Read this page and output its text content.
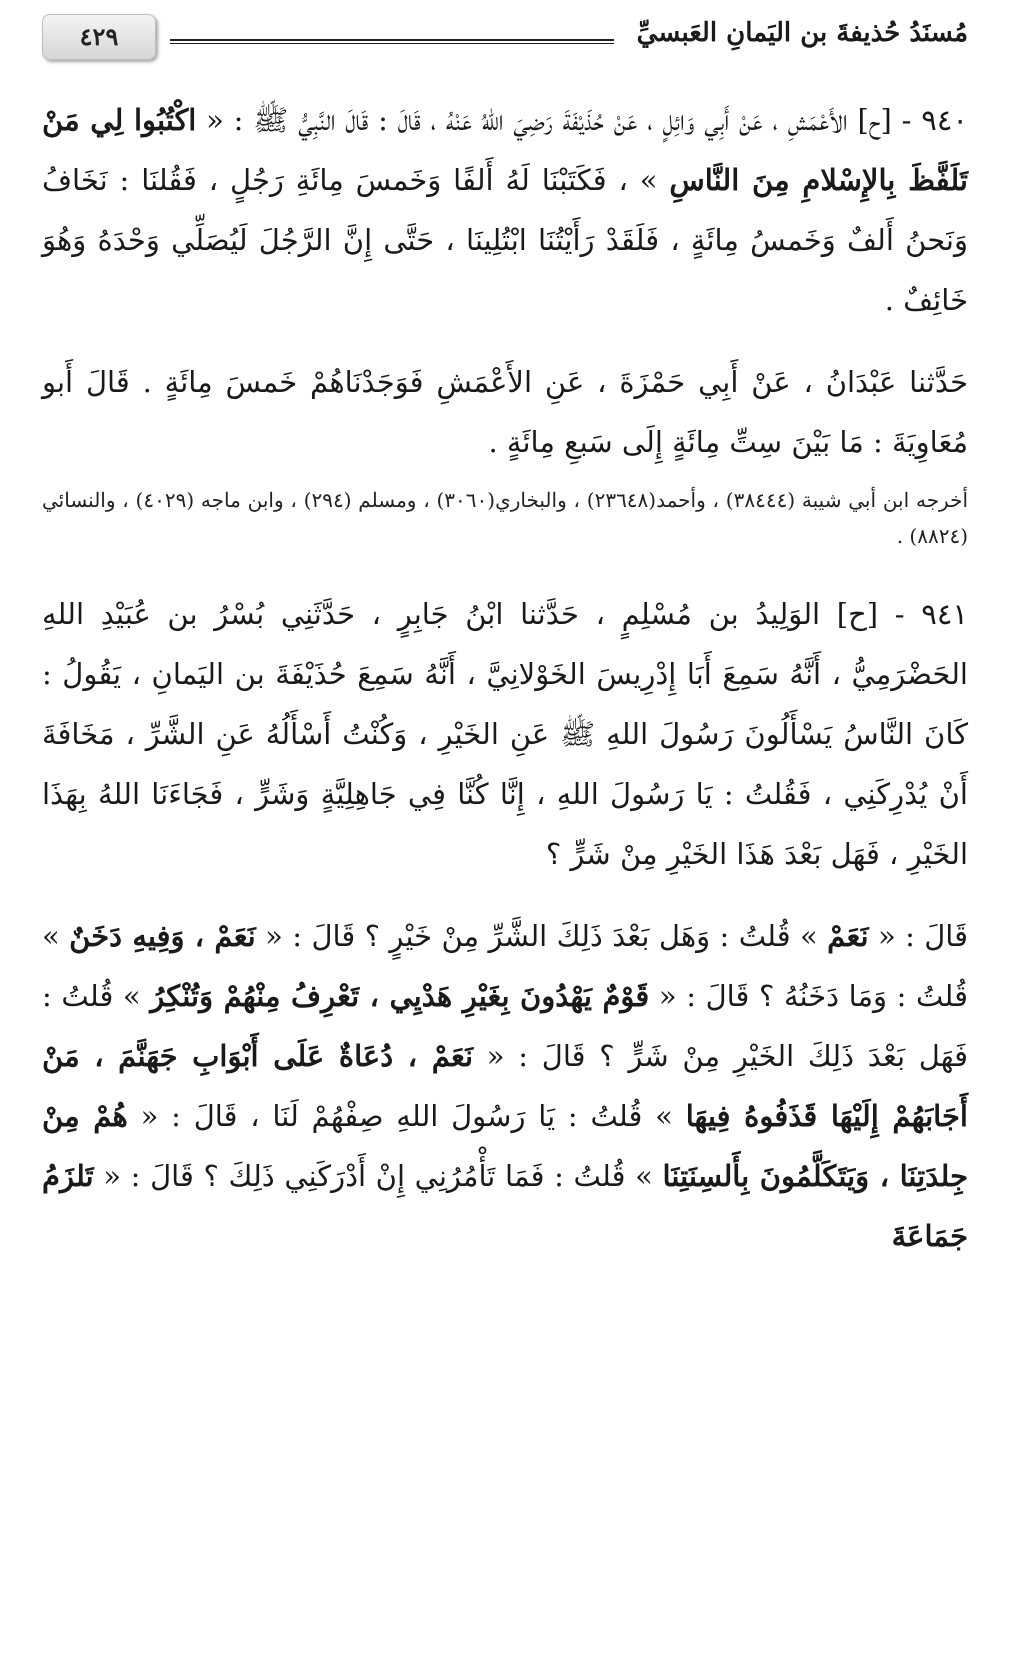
مُسنَدُ حُذيفةَ بن اليَمانِ العَبسيِّ
٤٢٩

٩٤٠ - [ح] الأَعْمَشِ ، عَنْ أَبِي وَائِلٍ ، عَنْ حُذَيْفَةَ رَضِيَ اللهُ عَنْهُ ، قَالَ : قَالَ النَّبِيُّ ﷺ : « اكْتُبُوا لِي مَنْ تَلَفَّظَ بِالإِسْلامِ مِنَ النَّاسِ » ، فَكَتَبْنَا لَهُ أَلفًا وَخَمسَ مِائَةِ رَجُلٍ ، فَقُلنَا : نَخَافُ وَنَحنُ أَلفٌ وَخَمسُ مِائَةٍ ، فَلَقَدْ رَأَيْتُنَا ابْتُلِينَا ، حَتَّى إِنَّ الرَّجُلَ لَيُصَلِّي وَحْدَهُ وَهُوَ خَائِفٌ .

حَدَّثنا عَبْدَانُ ، عَنْ أَبِي حَمْزَةَ ، عَنِ الأَعْمَشِ فَوَجَدْنَاهُمْ خَمسَ مِائَةٍ . قَالَ أَبو مُعَاوِيَةَ : مَا بَيْنَ سِتِّ مِائَةٍ إِلَى سَبعِ مِائَةٍ .

أخرجه ابن أبي شيبة (٣٨٤٤٤) ، وأحمد(٢٣٦٤٨) ، والبخاري(٣٠٦٠) ، ومسلم (٢٩٤) ، وابن ماجه (٤٠٢٩) ، والنسائي (٨٨٢٤) .

٩٤١ - [ح] الوَلِيدُ بن مُسْلِمٍ ، حَدَّثنا ابْنُ جَابِرٍ ، حَدَّثَنِي بُسْرُ بن عُبَيْدِ اللهِ الحَضْرَمِيُّ ، أَنَّهُ سَمِعَ أَبَا إِدْرِيسَ الخَوْلانِيَّ ، أَنَّهُ سَمِعَ حُذَيْفَةَ بن اليَمانِ ، يَقُولُ : كَانَ النَّاسُ يَسْأَلُونَ رَسُولَ اللهِ ﷺ عَنِ الخَيْرِ ، وَكُنْتُ أَسْأَلُهُ عَنِ الشَّرِّ ، مَخَافَةَ أَنْ يُدْرِكَنِي ، فَقُلتُ : يَا رَسُولَ اللهِ ، إِنَّا كُنَّا فِي جَاهِلِيَّةٍ وَشَرٍّ ، فَجَاءَنَا اللهُ بِهَذَا الخَيْرِ ، فَهَل بَعْدَ هَذَا الخَيْرِ مِنْ شَرٍّ ؟

قَالَ : « نَعَمْ » قُلتُ : وَهَل بَعْدَ ذَلِكَ الشَّرِّ مِنْ خَيْرٍ ؟ قَالَ : « نَعَمْ ، وَفِيهِ دَخَنٌ » قُلتُ : وَمَا دَخَنُهُ ؟ قَالَ : « قَوْمٌ يَهْدُونَ بِغَيْرِ هَدْيِي ، تَعْرِفُ مِنْهُمْ وَتُنْكِرُ » قُلتُ : فَهَل بَعْدَ ذَلِكَ الخَيْرِ مِنْ شَرٍّ ؟ قَالَ : « نَعَمْ ، دُعَاةٌ عَلَى أَبْوَابِ جَهَنَّمَ ، مَنْ أَجَابَهُمْ إِلَيْهَا قَذَفُوهُ فِيهَا » قُلتُ : يَا رَسُولَ اللهِ صِفْهُمْ لَنَا ، قَالَ : « هُمْ مِنْ جِلدَتِنَا ، وَيَتَكَلَّمُونَ بِأَلسِنَتِنَا » قُلتُ : فَمَا تَأْمُرُنِي إِنْ أَدْرَكَنِي ذَلِكَ ؟ قَالَ : « تَلزَمُ جَمَاعَةَ
